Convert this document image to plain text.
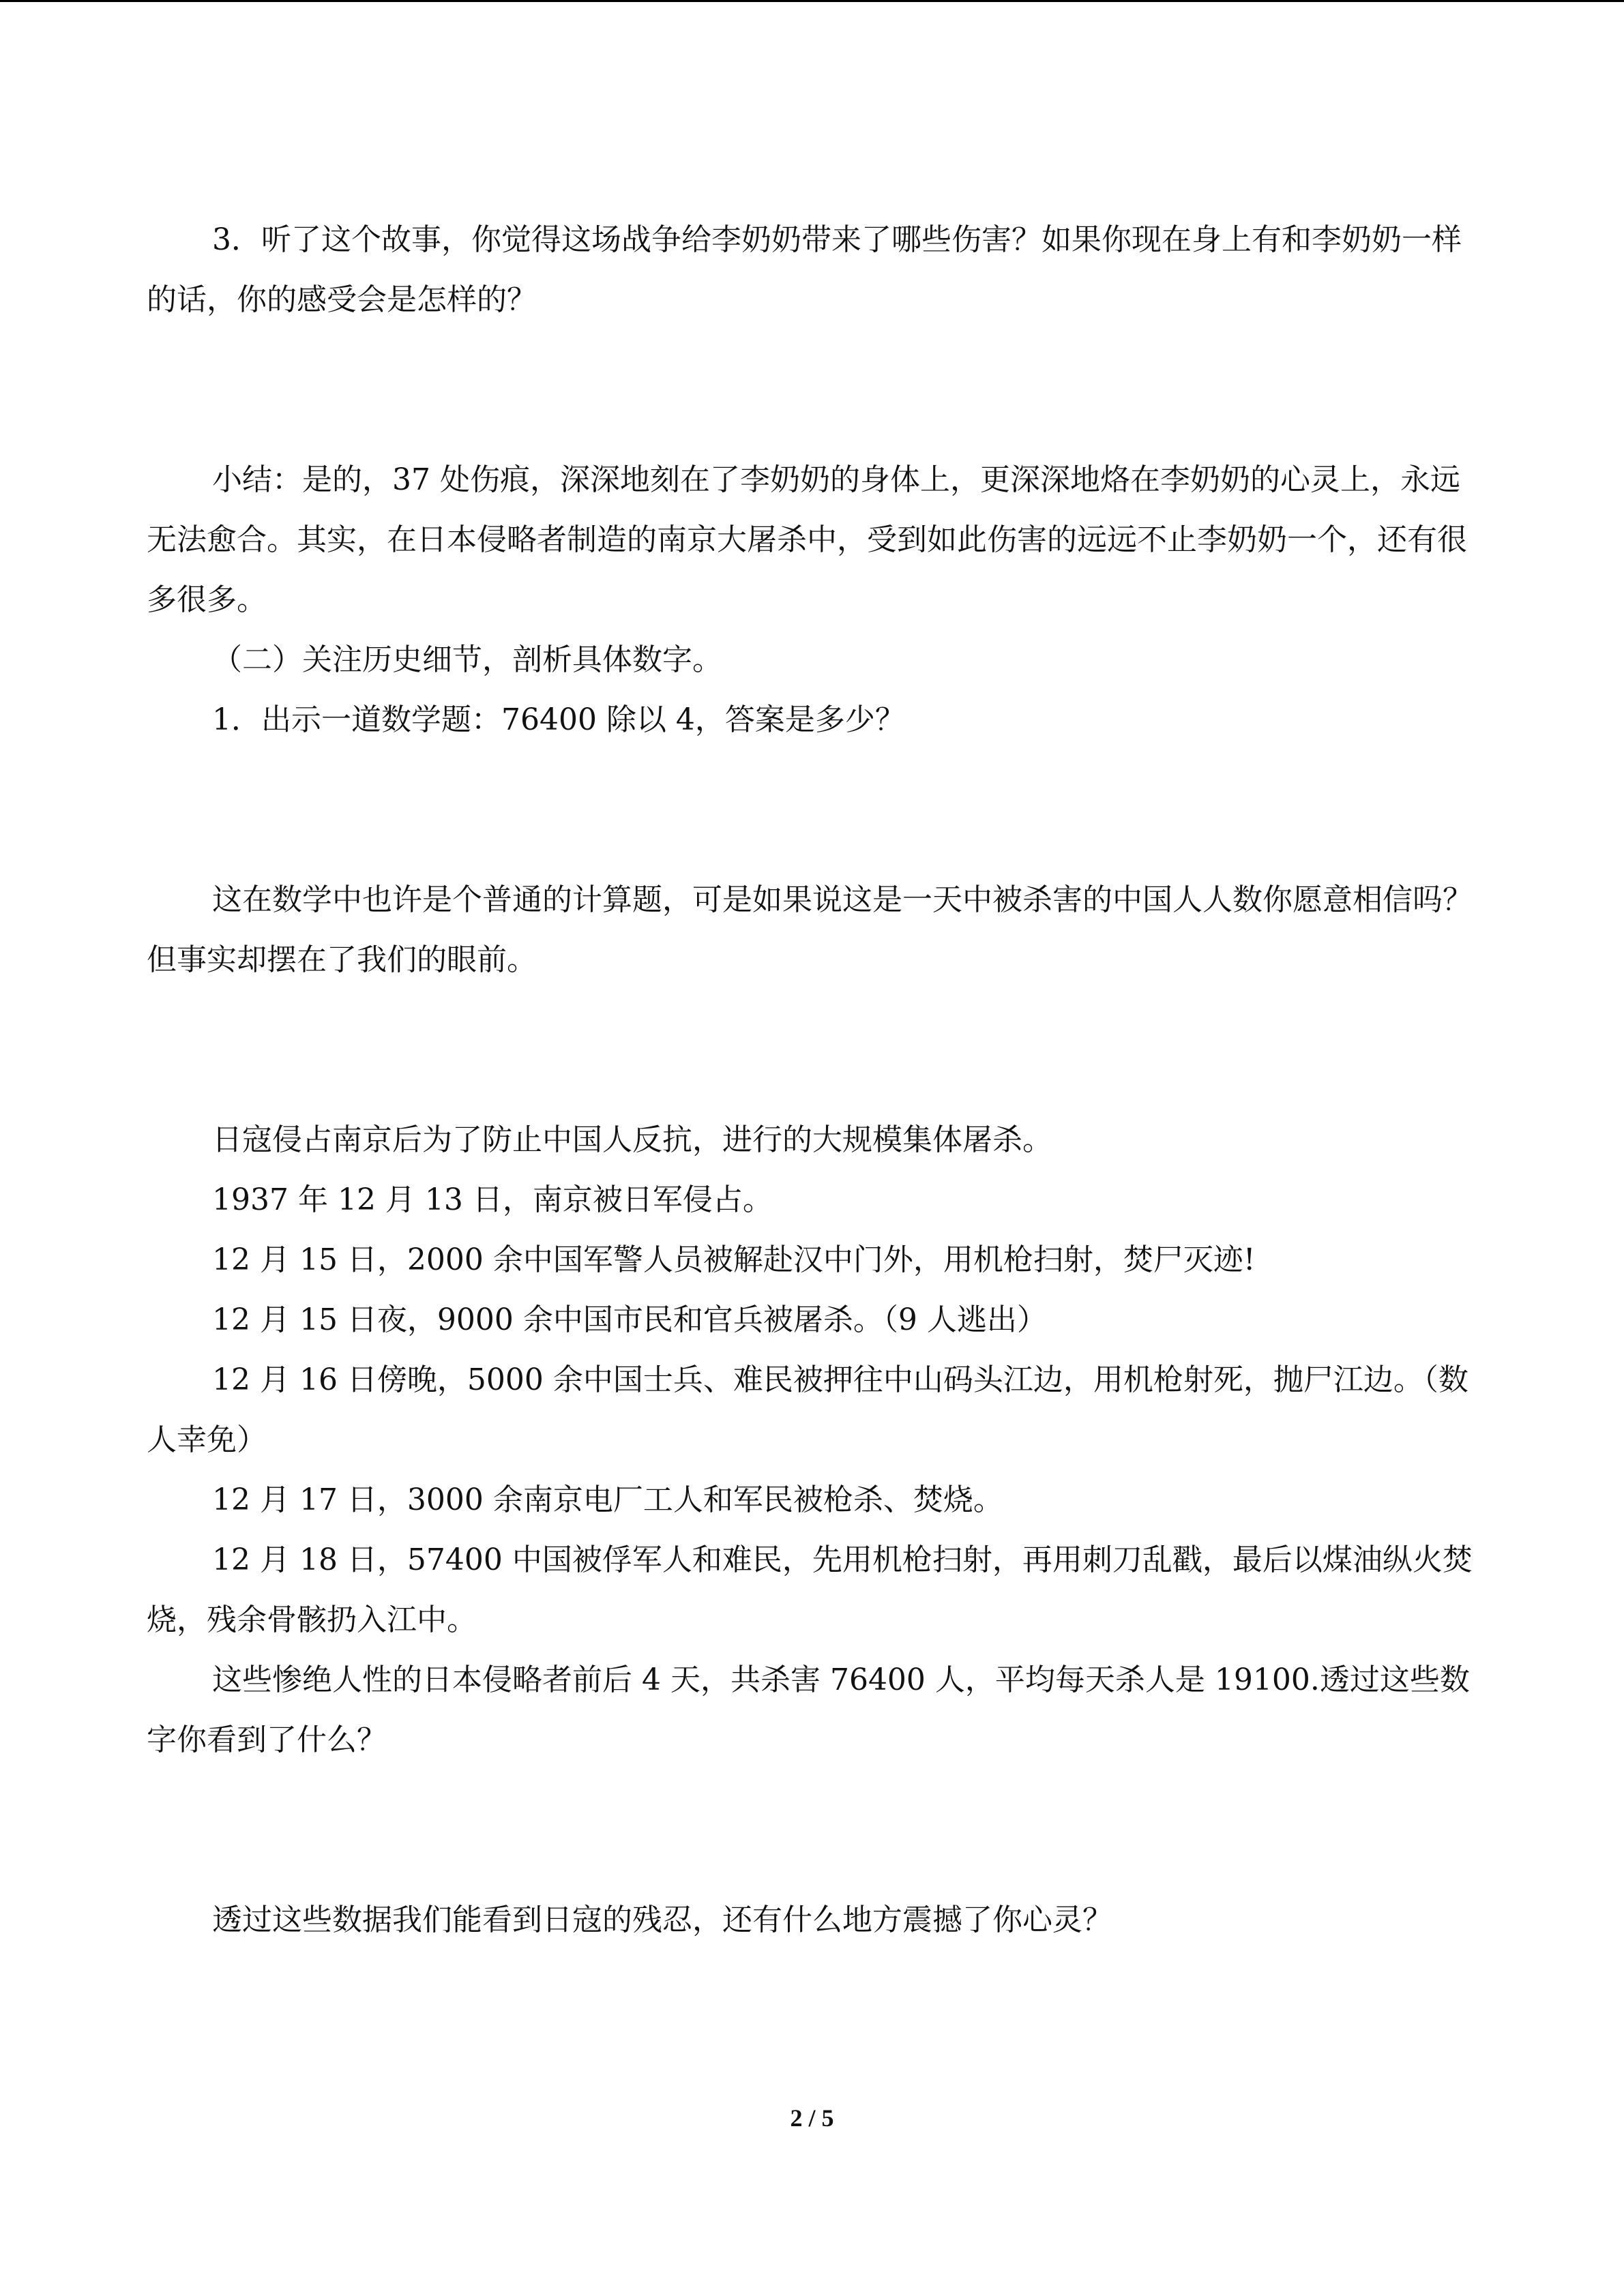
3．听了这个故事，你觉得这场战争给李奶奶带来了哪些伤害？如果你现在身上有和李奶奶一样的话，你的感受会是怎样的？

小结：是的，37 处伤痕，深深地刻在了李奶奶的身体上，更深深地烙在李奶奶的心灵上，永远无法愈合。其实，在日本侵略者制造的南京大屠杀中，受到如此伤害的远远不止李奶奶一个，还有很多很多。

（二）关注历史细节，剖析具体数字。

1．出示一道数学题：76400 除以 4，答案是多少？

这在数学中也许是个普通的计算题，可是如果说这是一天中被杀害的中国人人数你愿意相信吗？但事实却摆在了我们的眼前。

日寇侵占南京后为了防止中国人反抗，进行的大规模集体屠杀。

1937 年 12 月 13 日，南京被日军侵占。

12 月 15 日，2000 余中国军警人员被解赴汉中门外，用机枪扫射，焚尸灭迹!

12 月 15 日夜，9000 余中国市民和官兵被屠杀。（9 人逃出）

12 月 16 日傍晚，5000 余中国士兵、难民被押往中山码头江边，用机枪射死，抛尸江边。（数人幸免）

12 月 17 日，3000 余南京电厂工人和军民被枪杀、焚烧。

12 月 18 日，57400 中国被俘军人和难民，先用机枪扫射，再用刺刀乱戳，最后以煤油纵火焚烧，残余骨骸扔入江中。

这些惨绝人性的日本侵略者前后 4 天，共杀害 76400 人，平均每天杀人是 19100.透过这些数字你看到了什么？

透过这些数据我们能看到日寇的残忍，还有什么地方震撼了你心灵？

2 / 5
